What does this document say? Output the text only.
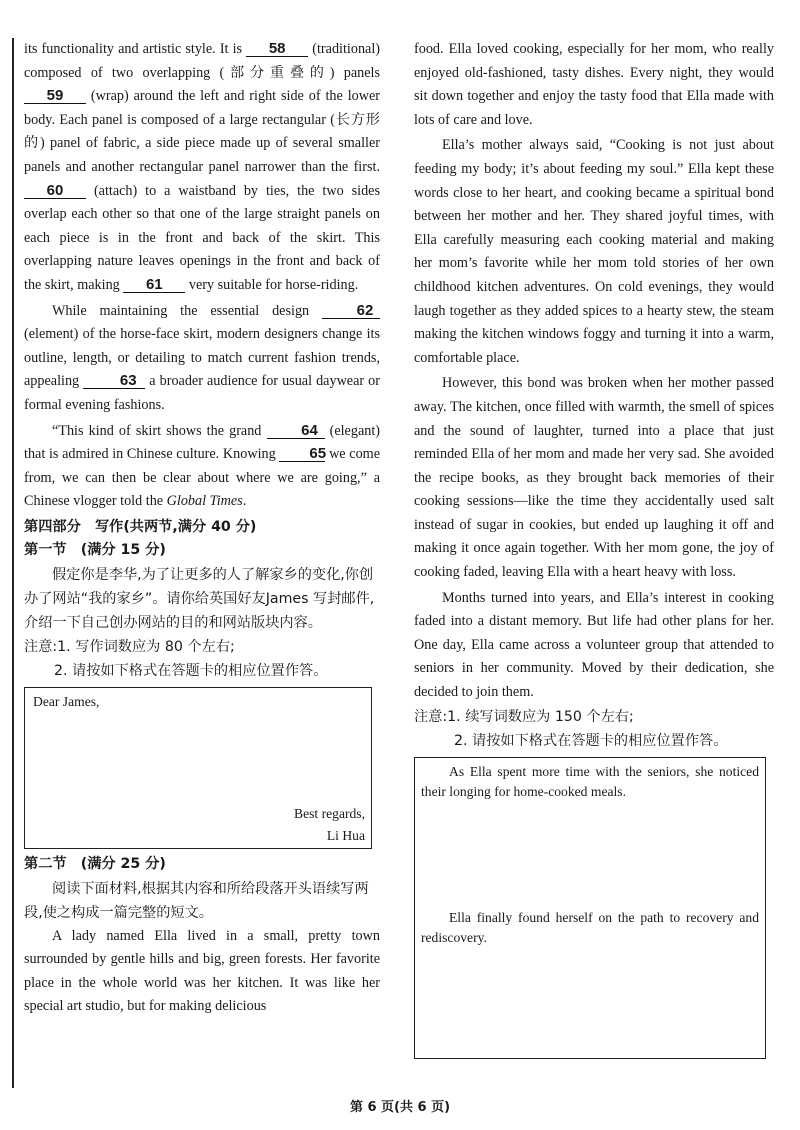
its functionality and artistic style. It is 58 (traditional) composed of two overlapping (部分重叠的) panels 59 (wrap) around the left and right side of the lower body. Each panel is composed of a large rectangular (长方形的) panel of fabric, a side piece made up of several smaller panels and another rectangular panel narrower than the first. 60 (attach) to a waistband by ties, the two sides overlap each other so that one of the large straight panels on each piece is in the front and back of the skirt. This overlapping nature leaves openings in the front and back of the skirt, making 61 very suitable for horse-riding.

While maintaining the essential design	62 (element) of the horse-face skirt, modern designers change its outline, length, or detailing to match current fashion trends, appealing	63 a broader audience for usual daywear or formal evening fashions.

“This kind of skirt shows the grand	64 (elegant) that is admired in Chinese culture. Knowing 65 we come from, we can then be clear about where we are going,” a Chinese vlogger told the Global Times.

第四部分　写作(共两节,满分 40 分)

第一节　(满分 15 分)

假定你是李华,为了让更多的人了解家乡的变化,你创办了网站“我的家乡”。请你给英国好友James 写封邮件,介绍一下自己创办网站的目的和网站版块内容。

注意:1. 写作词数应为 80 个左右;

2. 请按如下格式在答题卡的相应位置作答。

Dear James,
Best regards,
Li Hua

第二节　(满分 25 分)

阅读下面材料,根据其内容和所给段落开头语续写两段,使之构成一篇完整的短文。

A lady named Ella lived in a small, pretty town surrounded by gentle hills and big, green forests. Her favorite place in the whole world was her kitchen. It was like her special art studio, but for making delicious

food. Ella loved cooking, especially for her mom, who really enjoyed old-fashioned, tasty dishes. Every night, they would sit down together and enjoy the tasty food that Ella made with lots of care and love.

Ella’s mother always said, “Cooking is not just about feeding my body; it’s about feeding my soul.” Ella kept these words close to her heart, and cooking became a spiritual bond between her mother and her. They shared joyful times, with Ella carefully measuring each cooking material and making her mom’s favorite while her mom told stories of her own childhood kitchen adventures. On cold evenings, they would laugh together as they added spices to a hearty stew, the steam making the kitchen windows foggy and turning it into a warm, comfortable place.

However, this bond was broken when her mother passed away. The kitchen, once filled with warmth, the smell of spices and the sound of laughter, turned into a place that just reminded Ella of her mom and made her very sad. She avoided the recipe books, as they brought back memories of their cooking sessions—like the time they accidentally used salt instead of sugar in cookies, but ended up laughing it off and making it once again together. With her mom gone, the joy of cooking faded, leaving Ella with a heart heavy with loss.

Months turned into years, and Ella’s interest in cooking faded into a distant memory. But life had other plans for her. One day, Ella came across a volunteer group that attended to seniors in her community. Moved by their dedication, she decided to join them.

注意:1. 续写词数应为 150 个左右;

2. 请按如下格式在答题卡的相应位置作答。

As Ella spent more time with the seniors, she noticed their longing for home-cooked meals.
Ella finally found herself on the path to recovery and rediscovery.
第 6 页(共 6 页)
